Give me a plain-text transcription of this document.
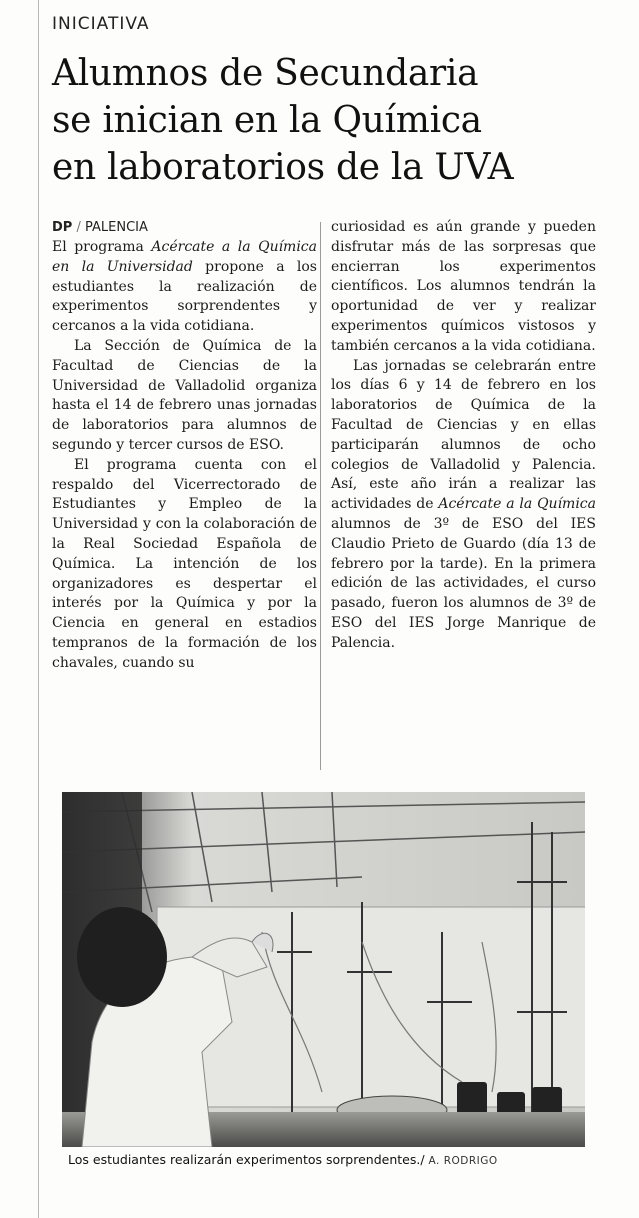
INICIATIVA
Alumnos de Secundaria
se inician en la Química
en laboratorios de la UVA
DP / PALENCIA

El programa Acércate a la Química en la Universidad propone a los estudiantes la realización de experimentos sorprendentes y cercanos a la vida cotidiana.

La Sección de Química de la Facultad de Ciencias de la Universidad de Valladolid organiza hasta el 14 de febrero unas jornadas de laboratorios para alumnos de segundo y tercer cursos de ESO.

El programa cuenta con el respaldo del Vicerrectorado de Estudiantes y Empleo de la Universidad y con la colaboración de la Real Sociedad Española de Química. La intención de los organizadores es despertar el interés por la Química y por la Ciencia en general en estadios tempranos de la formación de los chavales, cuando su

curiosidad es aún grande y pueden disfrutar más de las sorpresas que encierran los experimentos científicos. Los alumnos tendrán la oportunidad de ver y realizar experimentos químicos vistosos y también cercanos a la vida cotidiana.

Las jornadas se celebrarán entre los días 6 y 14 de febrero en los laboratorios de Química de la Facultad de Ciencias y en ellas participarán alumnos de ocho colegios de Valladolid y Palencia. Así, este año irán a realizar las actividades de Acércate a la Química alumnos de 3º de ESO del IES Claudio Prieto de Guardo (día 13 de febrero por la tarde). En la primera edición de las actividades, el curso pasado, fueron los alumnos de 3º de ESO del IES Jorge Manrique de Palencia.

Los estudiantes realizarán experimentos sorprendentes./ A. RODRIGO
